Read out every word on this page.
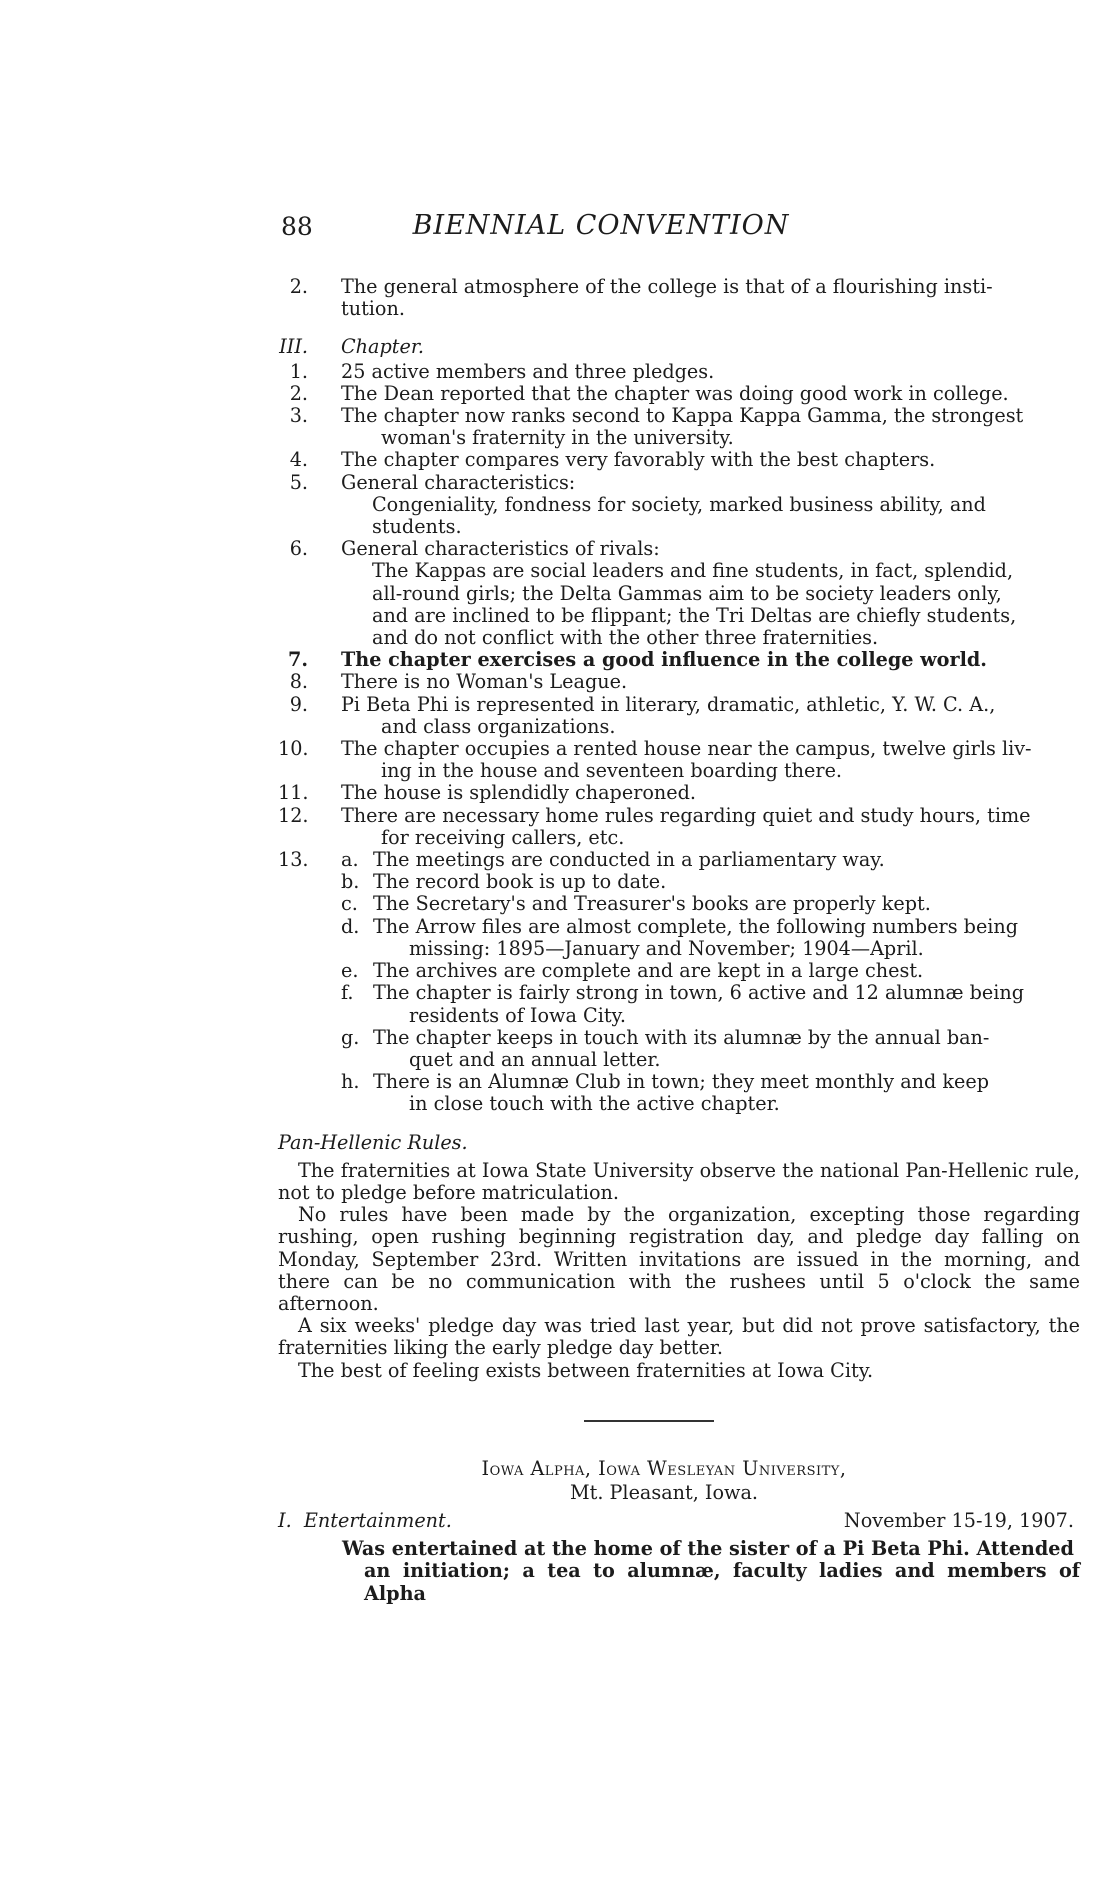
88	BIENNIAL CONVENTION
2. The general atmosphere of the college is that of a flourishing insti-
tution.
III. Chapter.
1. 25 active members and three pledges.
2. The Dean reported that the chapter was doing good work in college.
3. The chapter now ranks second to Kappa Kappa Gamma, the strongest
woman's fraternity in the university.
4. The chapter compares very favorably with the best chapters.
5. General characteristics:
Congeniality, fondness for society, marked business ability, and
students.
6. General characteristics of rivals:
The Kappas are social leaders and fine students, in fact, splendid,
all-round girls; the Delta Gammas aim to be society leaders only,
and are inclined to be flippant; the Tri Deltas are chiefly students,
and do not conflict with the other three fraternities.
7. The chapter exercises a good influence in the college world.
8. There is no Woman's League.
9. Pi Beta Phi is represented in literary, dramatic, athletic, Y. W. C. A.,
and class organizations.
10. The chapter occupies a rented house near the campus, twelve girls liv-
ing in the house and seventeen boarding there.
11. The house is splendidly chaperoned.
12. There are necessary home rules regarding quiet and study hours, time
for receiving callers, etc.
13. a. The meetings are conducted in a parliamentary way.
b. The record book is up to date.
c. The Secretary's and Treasurer's books are properly kept.
d. The Arrow files are almost complete, the following numbers being
missing: 1895—January and November; 1904—April.
e. The archives are complete and are kept in a large chest.
f.	The chapter is fairly strong in town, 6 active and 12 alumnæ being
residents of Iowa City.
g. The chapter keeps in touch with its alumnæ by the annual ban-
quet and an annual letter.
h. There is an Alumnæ Club in town; they meet monthly and keep
in close touch with the active chapter.
Pan-Hellenic Rules.

The fraternities at Iowa State University observe the national Pan-Hellenic rule, not to pledge before matriculation.

No rules have been made by the organization, excepting those regarding rushing, open rushing beginning registration day, and pledge day falling on Monday, September 23rd. Written invitations are issued in the morning, and there can be no communication with the rushees until 5 o'clock the same afternoon.

A six weeks' pledge day was tried last year, but did not prove satisfactory, the fraternities liking the early pledge day better.

The best of feeling exists between fraternities at Iowa City.

Iowa Alpha, Iowa Wesleyan University,
Mt. Pleasant, Iowa.
I. Entertainment.	November 15-19, 1907.
Was entertained at the home of the sister of a Pi Beta Phi. Attended
an initiation; a tea to alumnæ, faculty ladies and members of Alpha
